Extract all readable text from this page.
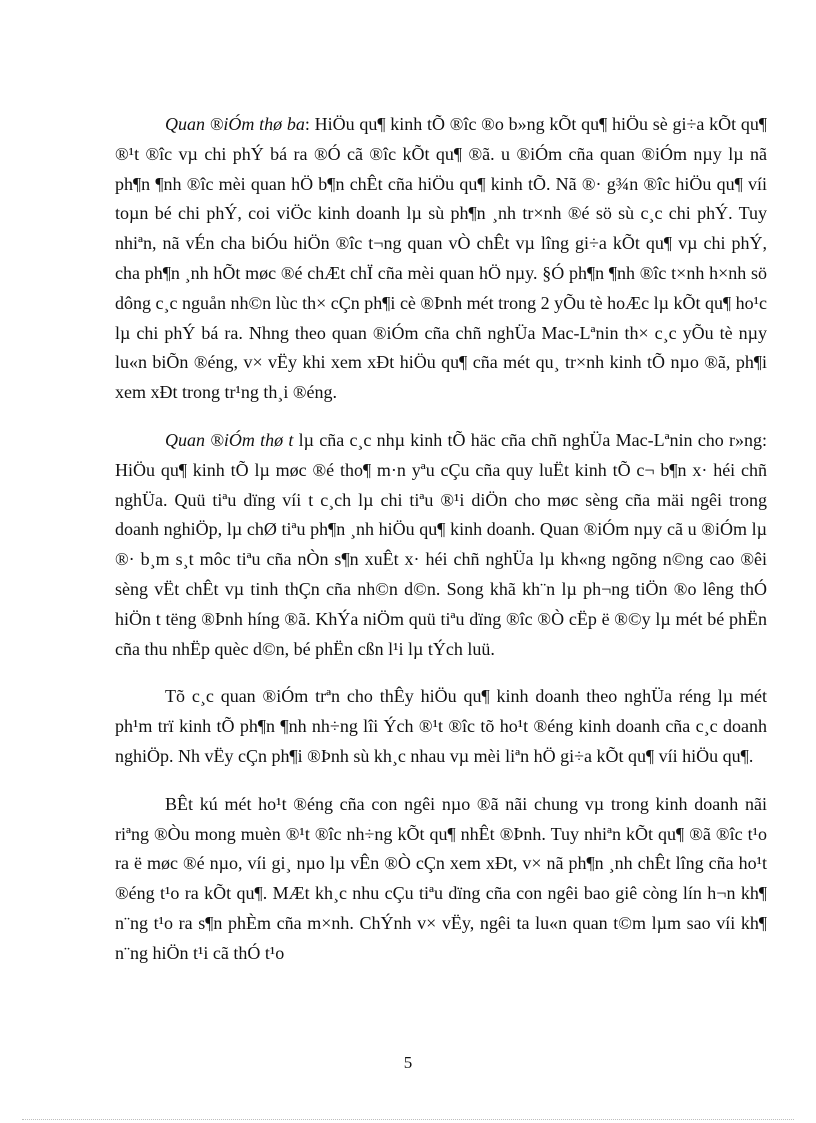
Quan ®iÓm thø ba: HiÖu qu¶ kinh tÕ ®îc ®o b»ng kÕt qu¶ hiÖu sè gi÷a kÕt qu¶ ®¹t ®îc vµ chi phÝ bá ra ®Ó cã ®îc kÕt qu¶ ®ã. u ®iÓm cña quan ®iÓm nµy lµ nã ph¶n ¶nh ®îc mèi quan hÖ b¶n chÊt cña hiÖu qu¶ kinh tÕ. Nã ®· g¾n ®îc hiÖu qu¶ víi toµn bé chi phÝ, coi viÖc kinh doanh lµ sù ph¶n ¸nh tr×nh ®é sö sù c¸c chi phÝ. Tuy nhiªn, nã vÉn cha biÓu hiÖn ®îc t¬ng quan vÒ chÊt vµ lîng gi÷a kÕt qu¶ vµ chi phÝ, cha ph¶n ¸nh hÕt møc ®é chÆt chÏ cña mèi quan hÖ nµy. §Ó ph¶n ¶nh ®îc t×nh h×nh sö dông c¸c nguån nh©n lùc th× cÇn ph¶i cè ®Þnh mét trong 2 yÕu tè hoÆc lµ kÕt qu¶ ho¹c lµ chi phÝ bá ra. Nhng theo quan ®iÓm cña chñ nghÜa Mac-Lªnin th× c¸c yÕu tè nµy lu«n biÕn ®éng, v× vËy khi xem xÐt hiÖu qu¶ cña mét qu¸ tr×nh kinh tÕ nµo ®ã, ph¶i xem xÐt trong tr¹ng th¸i ®éng.

Quan ®iÓm thø t lµ cña c¸c nhµ kinh tÕ häc cña chñ nghÜa Mac-Lªnin cho r»ng: HiÖu qu¶ kinh tÕ lµ møc ®é tho¶ m·n yªu cÇu cña quy luËt kinh tÕ c¬ b¶n x· héi chñ nghÜa. Quü tiªu dïng víi t c¸ch lµ chi tiªu ®¹i diÖn cho møc sèng cña mäi ngêi trong doanh nghiÖp, lµ chØ tiªu ph¶n ¸nh hiÖu qu¶ kinh doanh. Quan ®iÓm nµy cã u ®iÓm lµ ®· b¸m s¸t môc tiªu cña nÒn s¶n xuÊt x· héi chñ nghÜa lµ kh«ng ngõng n©ng cao ®êi sèng vËt chÊt vµ tinh thÇn cña nh©n d©n. Song khã kh¨n lµ ph¬ng tiÖn ®o lêng thÓ hiÖn t tëng ®Þnh híng ®ã. KhÝa niÖm quü tiªu dïng ®îc ®Ò cËp ë ®©y lµ mét bé phËn cña thu nhËp quèc d©n, bé phËn cßn l¹i lµ tÝch luü.

Tõ c¸c quan ®iÓm trªn cho thÊy hiÖu qu¶ kinh doanh theo nghÜa réng lµ mét ph¹m trï kinh tÕ ph¶n ¶nh nh÷ng lîi Ých ®¹t ®îc tõ ho¹t ®éng kinh doanh cña c¸c doanh nghiÖp. Nh vËy cÇn ph¶i ®Þnh sù kh¸c nhau vµ mèi liªn hÖ gi÷a kÕt qu¶ víi hiÖu qu¶.

BÊt kú mét ho¹t ®éng cña con ngêi nµo ®ã nãi chung vµ trong kinh doanh nãi riªng ®Òu mong muèn ®¹t ®îc nh÷ng kÕt qu¶ nhÊt ®Þnh. Tuy nhiªn kÕt qu¶ ®ã ®îc t¹o ra ë møc ®é nµo, víi gi¸ nµo lµ vÊn ®Ò cÇn xem xÐt, v× nã ph¶n ¸nh chÊt lîng cña ho¹t ®éng t¹o ra kÕt qu¶. MÆt kh¸c nhu cÇu tiªu dïng cña con ngêi bao giê còng lín h¬n kh¶ n¨ng t¹o ra s¶n phÈm cña m×nh. ChÝnh v× vËy, ngêi ta lu«n quan t©m lµm sao víi kh¶ n¨ng hiÖn t¹i cã thÓ t¹o

5
